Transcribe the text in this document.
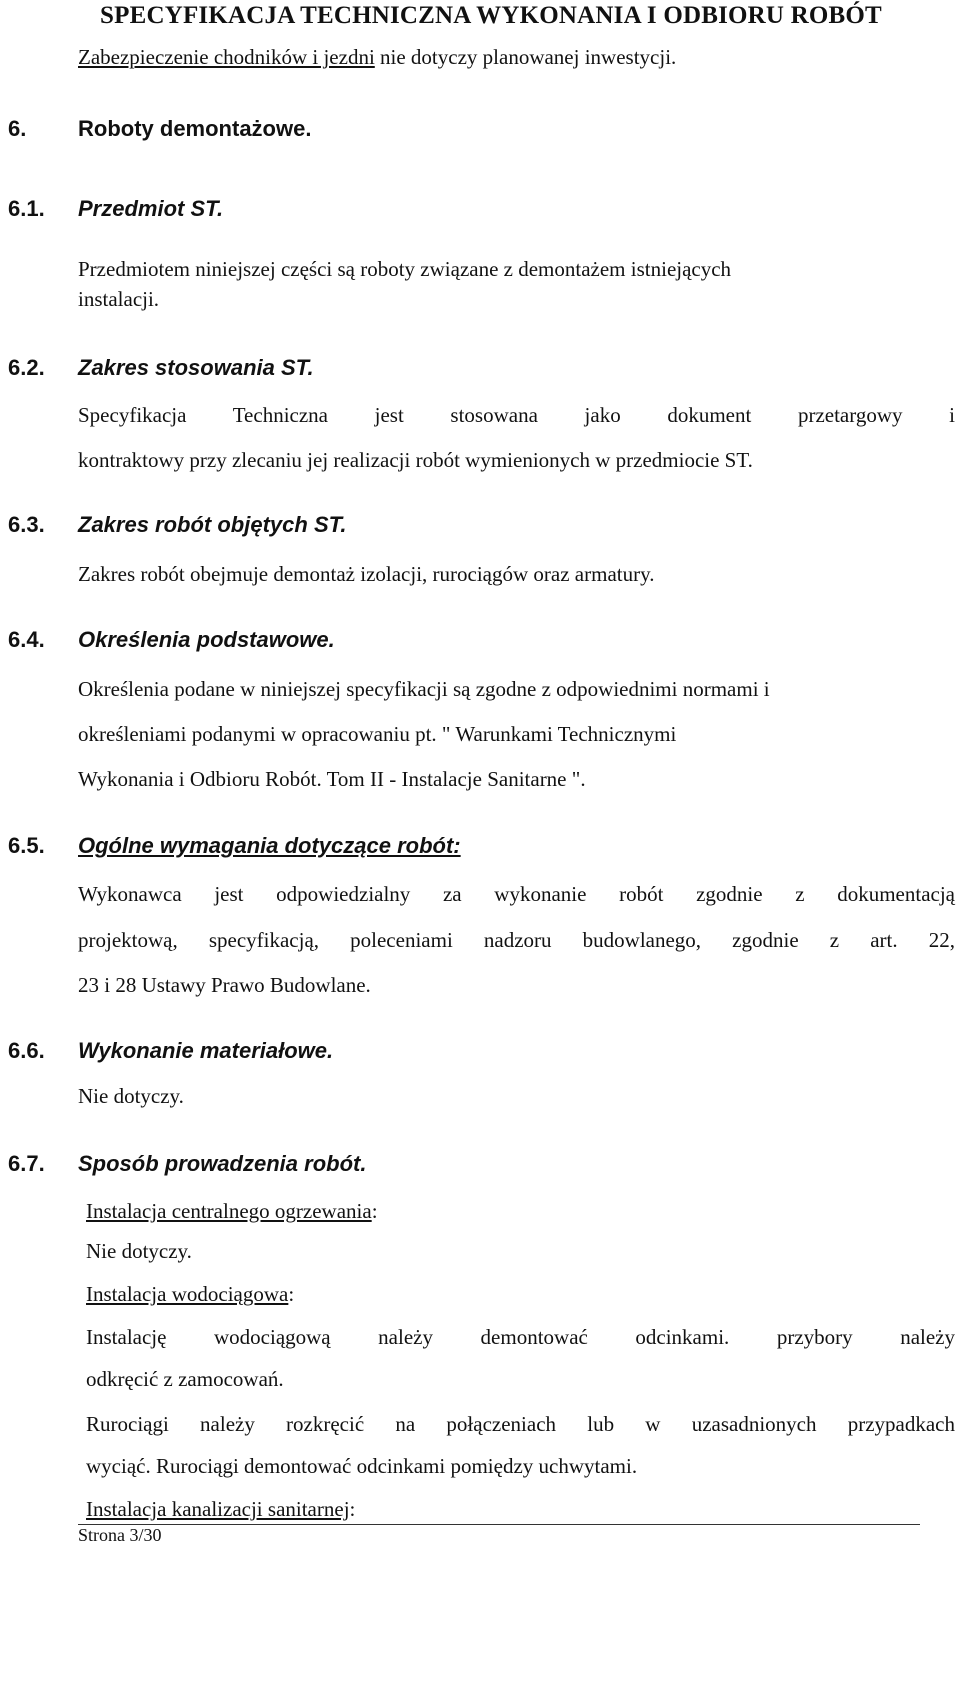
SPECYFIKACJA TECHNICZNA WYKONANIA I ODBIORU ROBÓT
Zabezpieczenie chodników i jezdni nie dotyczy planowanej inwestycji.
6. Roboty demontażowe.
6.1. Przedmiot ST.
Przedmiotem niniejszej części są roboty związane z demontażem istniejących
instalacji.
6.2. Zakres stosowania ST.
Specyfikacja Techniczna jest stosowana jako dokument przetargowy i
kontraktowy przy zlecaniu jej realizacji robót wymienionych w przedmiocie ST.
6.3. Zakres robót objętych ST.
Zakres robót obejmuje demontaż izolacji, rurociągów oraz armatury.
6.4. Określenia podstawowe.
Określenia podane w niniejszej specyfikacji są zgodne z odpowiednimi normami i
określeniami podanymi w opracowaniu pt. " Warunkami Technicznymi
Wykonania i Odbioru Robót. Tom II - Instalacje Sanitarne ".
6.5. Ogólne wymagania dotyczące robót:
Wykonawca jest odpowiedzialny za wykonanie robót zgodnie z dokumentacją
projektową, specyfikacją, poleceniami nadzoru budowlanego, zgodnie z art. 22,
23 i 28 Ustawy Prawo Budowlane.
6.6. Wykonanie materiałowe.
Nie dotyczy.
6.7. Sposób prowadzenia robót.
Instalacja centralnego ogrzewania:
Nie dotyczy.
Instalacja wodociągowa:
Instalację wodociągową należy demontować odcinkami. przybory należy
odkręcić z zamocowań.
Rurociągi należy rozkręcić na połączeniach lub w uzasadnionych przypadkach
wyciąć. Rurociągi demontować odcinkami pomiędzy uchwytami.
Instalacja kanalizacji sanitarnej:
Strona 3/30
